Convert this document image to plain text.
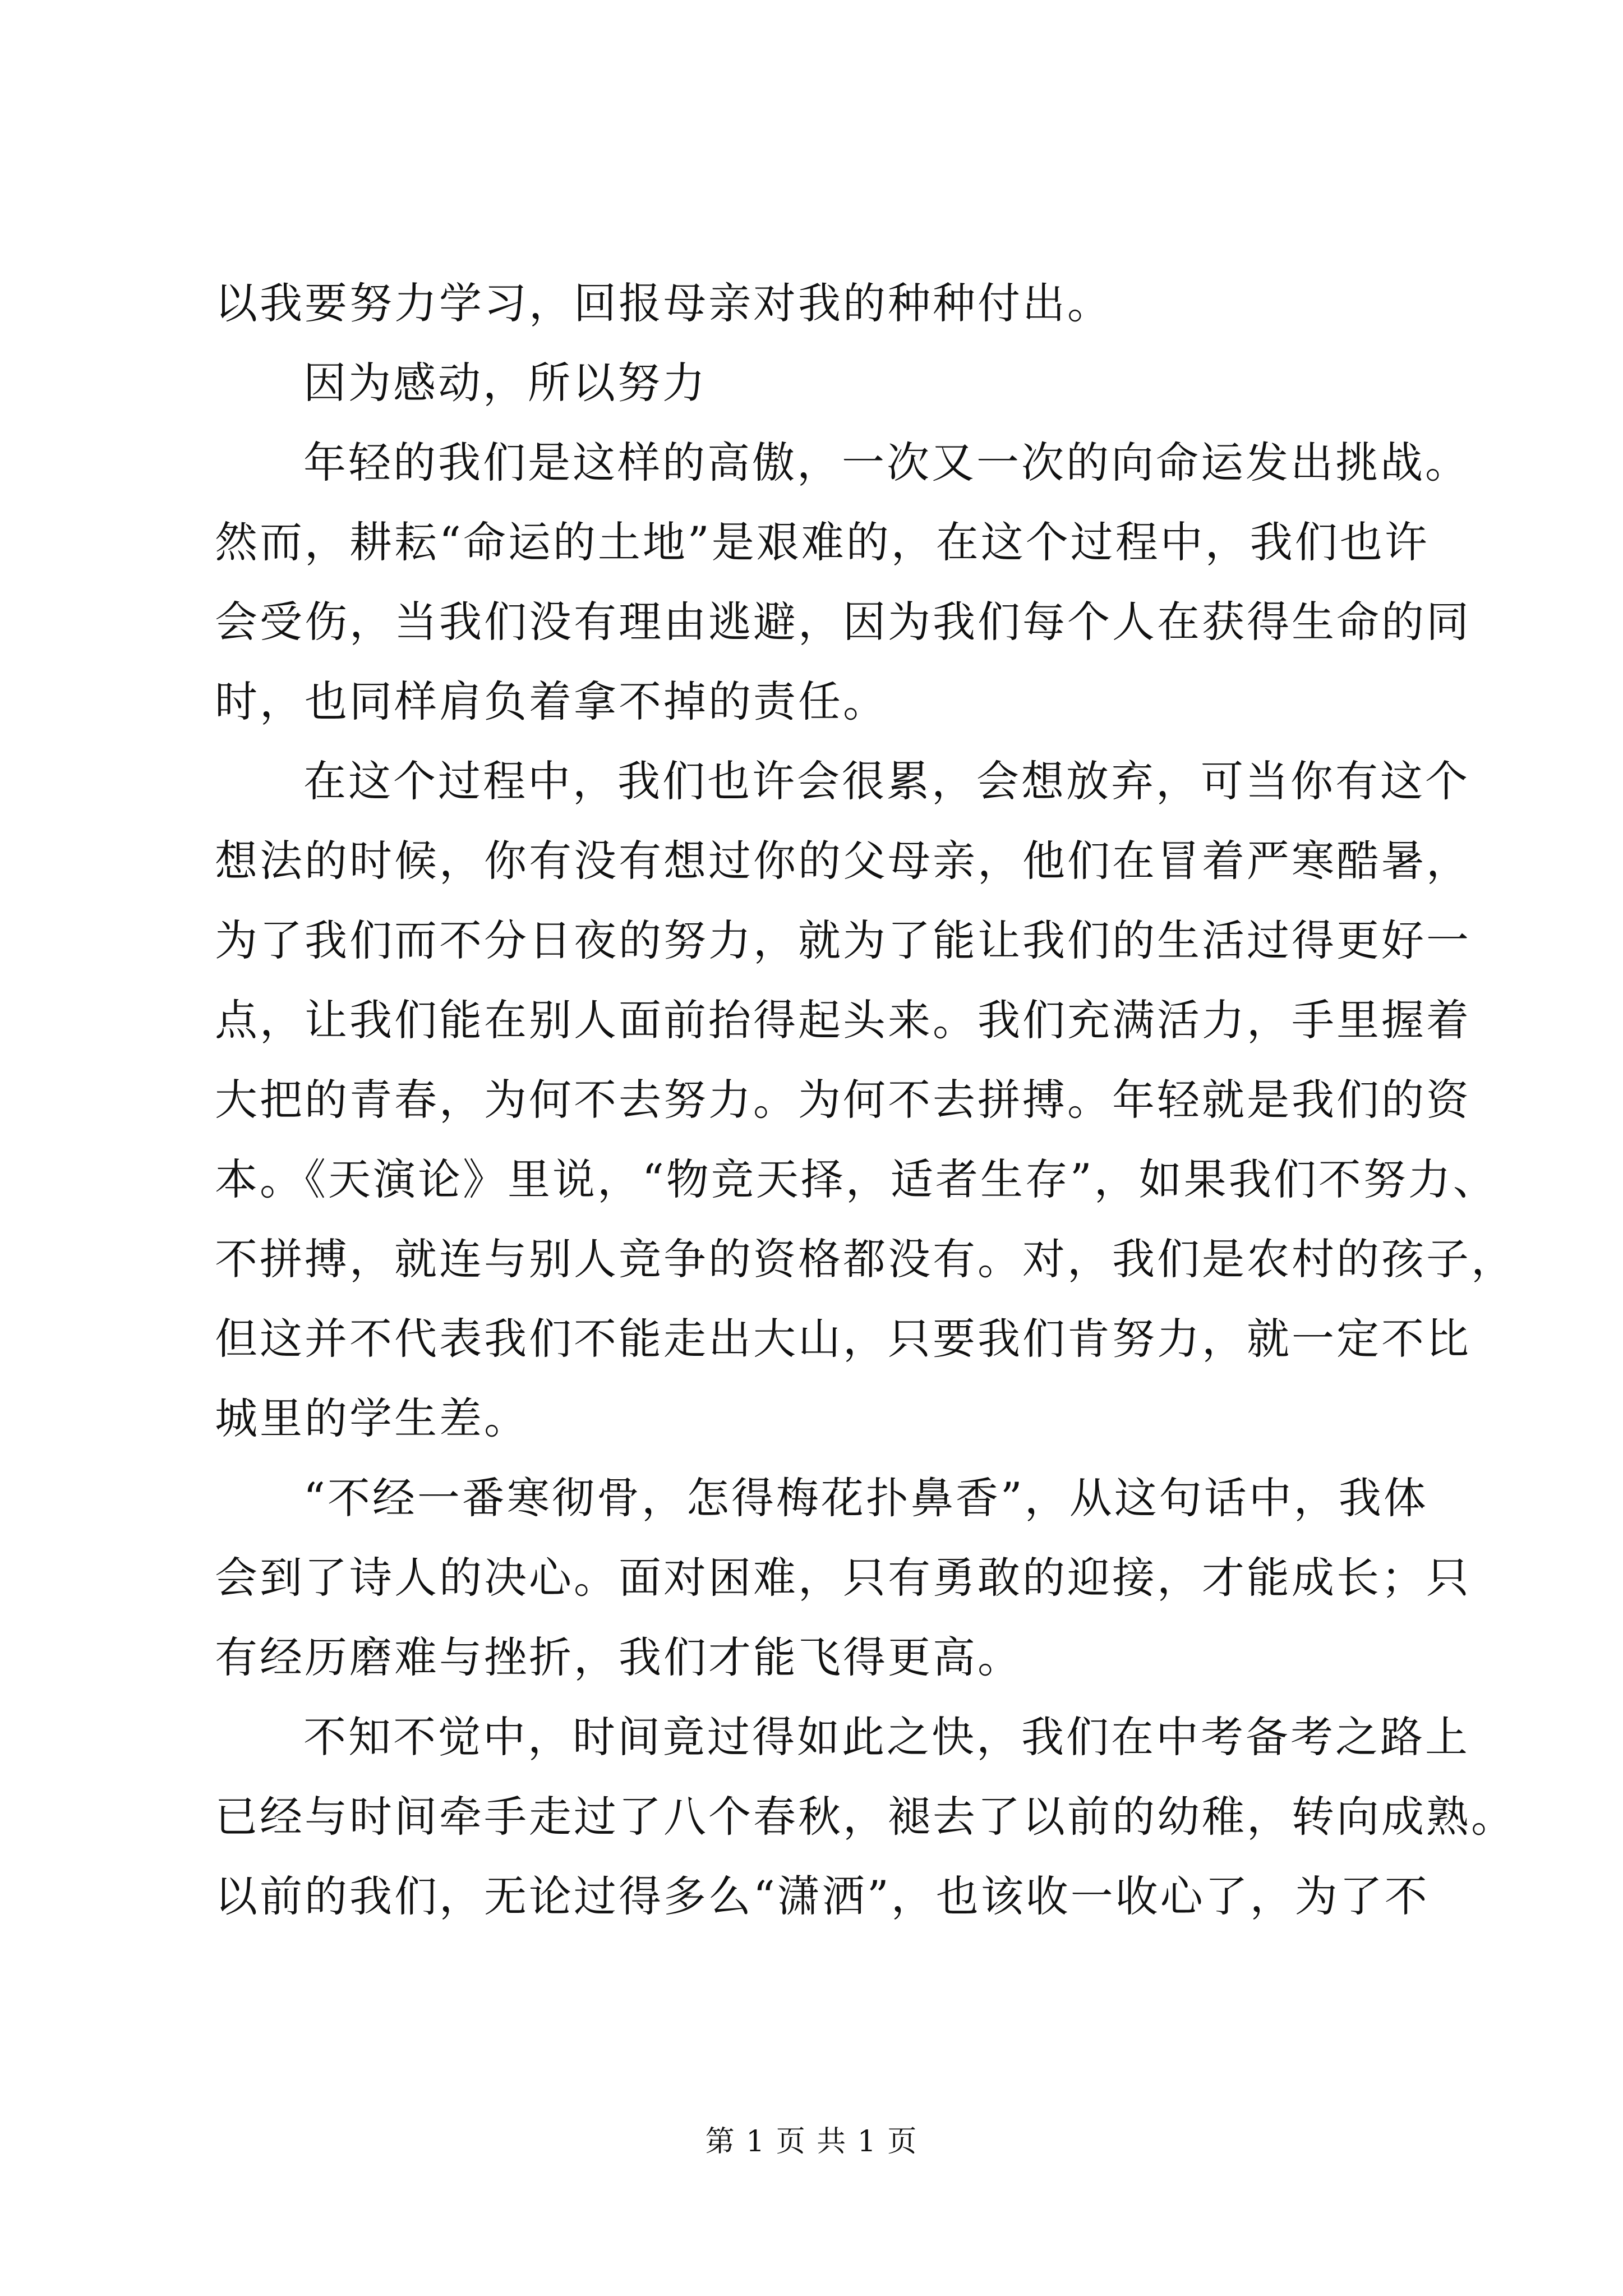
以我要努力学习，回报母亲对我的种种付出。
因为感动，所以努力
年轻的我们是这样的高傲，一次又一次的向命运发出挑战。
然而，耕耘“命运的土地”是艰难的，在这个过程中，我们也许
会受伤，当我们没有理由逃避，因为我们每个人在获得生命的同
时，也同样肩负着拿不掉的责任。
在这个过程中，我们也许会很累，会想放弃，可当你有这个
想法的时候，你有没有想过你的父母亲，他们在冒着严寒酷暑，
为了我们而不分日夜的努力，就为了能让我们的生活过得更好一
点，让我们能在别人面前抬得起头来。我们充满活力，手里握着
大把的青春，为何不去努力。为何不去拼搏。年轻就是我们的资
本。《天演论》里说，“物竞天择，适者生存”，如果我们不努力、
不拼搏，就连与别人竞争的资格都没有。对，我们是农村的孩子，
但这并不代表我们不能走出大山，只要我们肯努力，就一定不比
城里的学生差。
“不经一番寒彻骨，怎得梅花扑鼻香”，从这句话中，我体
会到了诗人的决心。面对困难，只有勇敢的迎接，才能成长；只
有经历磨难与挫折，我们才能飞得更高。
不知不觉中，时间竟过得如此之快，我们在中考备考之路上
已经与时间牵手走过了八个春秋，褪去了以前的幼稚，转向成熟。
以前的我们，无论过得多么“潇洒”，也该收一收心了，为了不
第 1 页 共 1 页
